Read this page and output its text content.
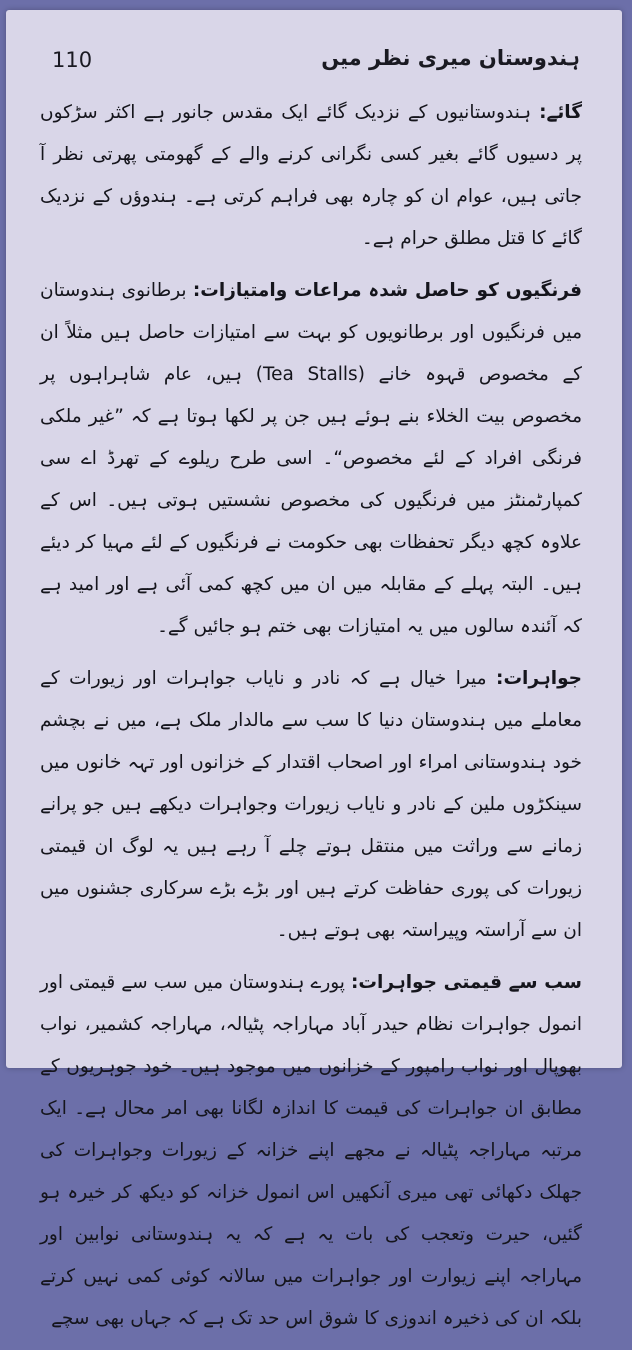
110	ہندوستان میری نظر میں

گائے: ہندوستانیوں کے نزدیک گائے ایک مقدس جانور ہے اکثر سڑکوں پر دسیوں گائے بغیر کسی نگرانی کرنے والے کے گھومتی پھرتی نظر آ جاتی ہیں، عوام ان کو چارہ بھی فراہم کرتی ہے۔ ہندوؤں کے نزدیک گائے کا قتل مطلق حرام ہے۔

فرنگیوں کو حاصل شدہ مراعات وامتیازات: برطانوی ہندوستان میں فرنگیوں اور برطانویوں کو بہت سے امتیازات حاصل ہیں مثلاً ان کے مخصوص قہوہ خانے (Tea Stalls) ہیں، عام شاہراہوں پر مخصوص بیت الخلاء بنے ہوئے ہیں جن پر لکھا ہوتا ہے کہ ”غیر ملکی فرنگی افراد کے لئے مخصوص“۔ اسی طرح ریلوے کے تھرڈ اے سی کمپارٹمنٹز میں فرنگیوں کی مخصوص نشستیں ہوتی ہیں۔ اس کے علاوہ کچھ دیگر تحفظات بھی حکومت نے فرنگیوں کے لئے مہیا کر دیئے ہیں۔ البتہ پہلے کے مقابلہ میں ان میں کچھ کمی آئی ہے اور امید ہے کہ آئندہ سالوں میں یہ امتیازات بھی ختم ہو جائیں گے۔

جواہرات: میرا خیال ہے کہ نادر و نایاب جواہرات اور زیورات کے معاملے میں ہندوستان دنیا کا سب سے مالدار ملک ہے، میں نے بچشم خود ہندوستانی امراء اور اصحاب اقتدار کے خزانوں اور تہہ خانوں میں سینکڑوں ملین کے نادر و نایاب زیورات وجواہرات دیکھے ہیں جو پرانے زمانے سے وراثت میں منتقل ہوتے چلے آ رہے ہیں یہ لوگ ان قیمتی زیورات کی پوری حفاظت کرتے ہیں اور بڑے بڑے سرکاری جشنوں میں ان سے آراستہ وپیراستہ بھی ہوتے ہیں۔

سب سے قیمتی جواہرات: پورے ہندوستان میں سب سے قیمتی اور انمول جواہرات نظام حیدر آباد مہاراجہ پٹیالہ، مہاراجہ کشمیر، نواب بھوپال اور نواب رامپور کے خزانوں میں موجود ہیں۔ خود جوہریوں کے مطابق ان جواہرات کی قیمت کا اندازہ لگانا بھی امر محال ہے۔ ایک مرتبہ مہاراجہ پٹیالہ نے مجھے اپنے خزانہ کے زیورات وجواہرات کی جھلک دکھائی تھی میری آنکھیں اس انمول خزانہ کو دیکھ کر خیرہ ہو گئیں، حیرت وتعجب کی بات یہ ہے کہ یہ ہندوستانی نوابین اور مہاراجہ اپنے زیوارت اور جواہرات میں سالانہ کوئی کمی نہیں کرتے بلکہ ان کی ذخیرہ اندوزی کا شوق اس حد تک ہے کہ جہاں بھی سچے
